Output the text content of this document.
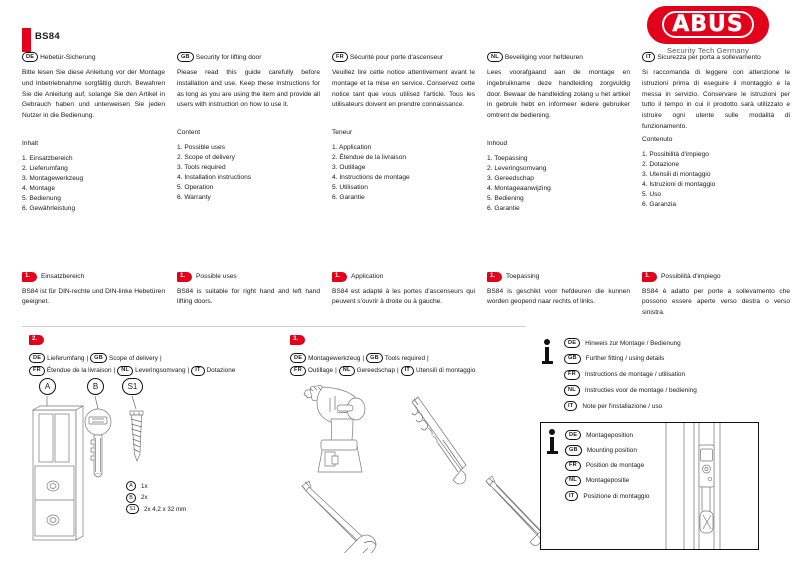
ABUS
Security Tech Germany
BS84
DE Hebetür-Sicherung
Bitte lesen Sie diese Anleitung vor der Montage und Inbetriebnahme sorgfältig durch. Bewahren Sie die Anleitung auf, solange Sie den Artikel in Gebrauch haben und unterweisen Sie jeden Nutzer in die Bedienung.
Inhalt
1. Einsatzbereich
2. Lieferumfang
3. Montagewerkzeug
4. Montage
5. Bedienung
6. Gewährleistung
GB Security for lifting door
Please read this guide carefully before installation and use. Keep these instructions for as long as you are using the item and provide all users with instruction on how to use it.
Content
1. Possible uses
2. Scope of delivery
3. Tools required
4. Installation instructions
5. Operation
6. Warranty
FR Sécurité pour porte d'ascenseur
Veuillez lire cette notice attentivement avant le montage et la mise en service. Conservez cette notice tant que vous utilisez l'article. Tous les utilisateurs doivent en prendre connaissance.
Teneur
1. Application
2. Étendue de la livraison
3. Outillage
4. Instructions de montage
5. Utilisation
6. Garantie
NL Beveiliging voor hefdeuren
Lees voorafgaand aan de montage en ingebruikname deze handleiding zorgvuldig door. Bewaar de handleiding zolang u het artikel in gebruik hebt en informeer iedere gebruiker omtrent de bediening.
Inhoud
1. Toepassing
2. Leveringsomvang
3. Gereedschap
4. Montageaanwijzing
5. Bediening
6. Garantie
IT Sicurezza per porta a sollevamento
Si raccomanda di leggere con attenzione le istruzioni prima di eseguire il montaggio e la messa in servizio. Conservare le istruzioni per tutto il tempo in cui il prodotto sarà utilizzato e istruire ogni utente sulle modalità di funzionamento.
Contenuto
1. Possibilità d'impiego
2. Dotazione
3. Utensili di montaggio
4. Istruzioni di montaggio
5. Uso
6. Garanzia
1. Einsatzbereich
BS84 ist für DIN-rechte und DIN-linke Hebetüren geeignet.
1. Possible uses
BS84 is suitable for right hand and left hand lifting doors.
1. Application
BS84 est adapté à les portes d'ascenseurs qui peuvent s'ouvrir à droite ou à gauche.
1. Toepassing
BS84 is geschikt voor hefdeuren die kunnen worden geopend naar rechts of links.
1. Possibilità d'impiego
BS84 è adatto per porte a sollevamento che possono essere aperte verso destra o verso sinistra.
2.
DE Lieferumfang | GB Scope of delivery |
FR Étendue de la livraison | NL Leveringsomvang | IT Dotazione
3.
DE Montagewerkzeug | GB Tools required |
FR Outillage | NL Gereedschap | IT Utensili di montaggio
DE	Hinweis zur Montage / Bedienung
GB	Further fitting / using details
FR	Instructions de montage / utilisation
NL	Instructies voor de montage / bediening
IT	Note per l'installazione / uso
DE	Montageposition
GB	Mounting position
FR	Position de montage
NL	Montagepositie
IT	Posizione di montaggio
A	B	S1
A 1x
B 2x
S1 2x 4,2 x 32 mm
